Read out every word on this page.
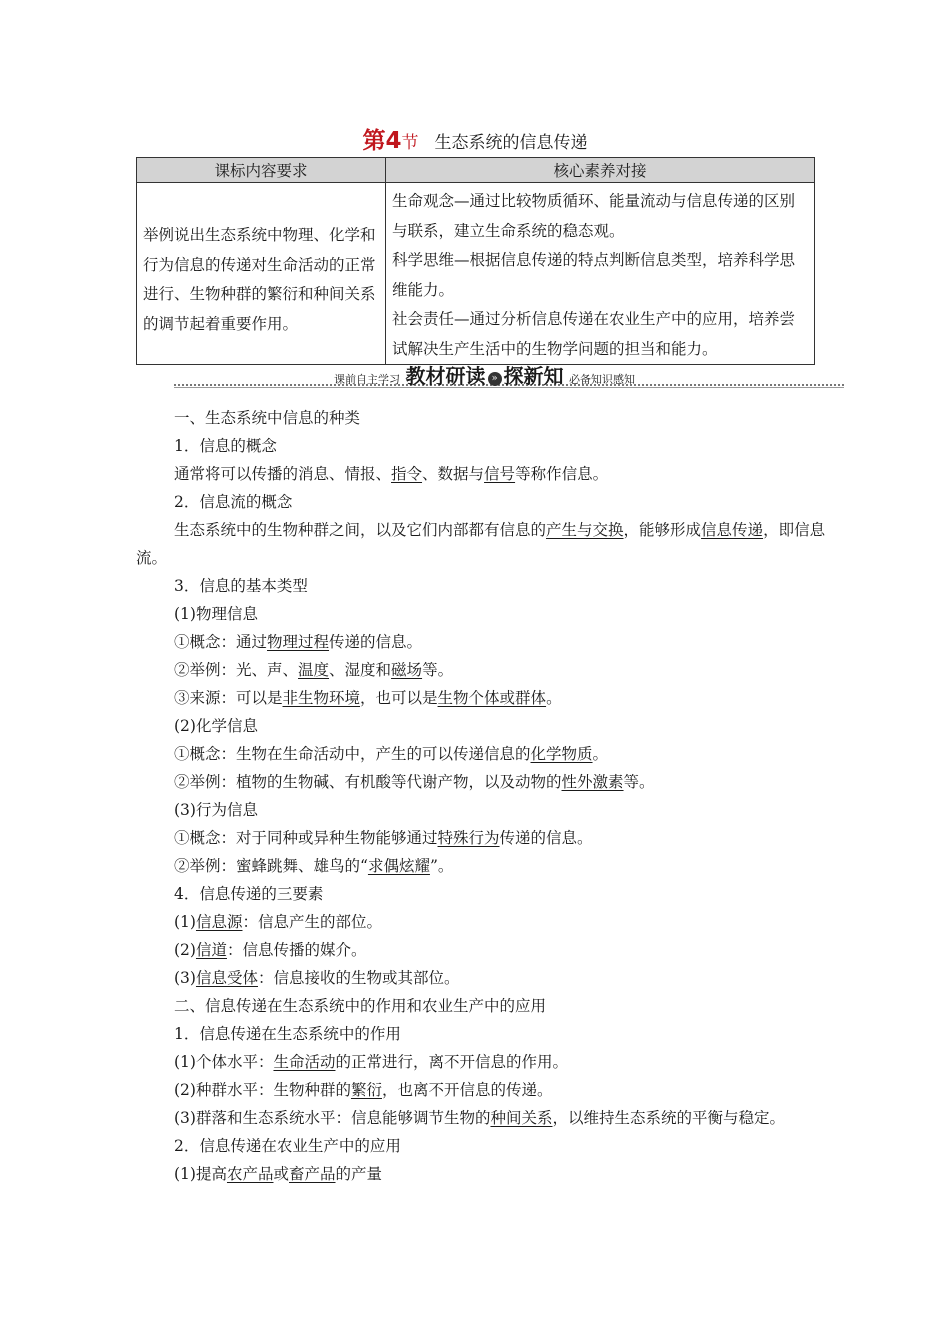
第4节 生态系统的信息传递
课标内容要求	核心素养对接
举例说出生态系统中物理、化学和行为信息的传递对生命活动的正常进行、生物种群的繁衍和种间关系的调节起着重要作用。	生命观念—通过比较物质循环、能量流动与信息传递的区别与联系，建立生命系统的稳态观。
科学思维—根据信息传递的特点判断信息类型，培养科学思维能力。
社会责任—通过分析信息传递在农业生产中的应用，培养尝试解决生产生活中的生物学问题的担当和能力。
课前自主学习 教材研读 » 探新知 必备知识感知

一、生态系统中信息的种类

1．信息的概念

通常将可以传播的消息、情报、指令、数据与信号等称作信息。

2．信息流的概念

生态系统中的生物种群之间，以及它们内部都有信息的产生与交换，能够形成信息传递，即信息流。

3．信息的基本类型

(1)物理信息

①概念：通过物理过程传递的信息。

②举例：光、声、温度、湿度和磁场等。

③来源：可以是非生物环境，也可以是生物个体或群体。

(2)化学信息

①概念：生物在生命活动中，产生的可以传递信息的化学物质。

②举例：植物的生物碱、有机酸等代谢产物，以及动物的性外激素等。

(3)行为信息

①概念：对于同种或异种生物能够通过特殊行为传递的信息。

②举例：蜜蜂跳舞、雄鸟的“求偶炫耀”。

4．信息传递的三要素

(1)信息源：信息产生的部位。

(2)信道：信息传播的媒介。

(3)信息受体：信息接收的生物或其部位。

二、信息传递在生态系统中的作用和农业生产中的应用

1．信息传递在生态系统中的作用

(1)个体水平：生命活动的正常进行，离不开信息的作用。

(2)种群水平：生物种群的繁衍，也离不开信息的传递。

(3)群落和生态系统水平：信息能够调节生物的种间关系，以维持生态系统的平衡与稳定。

2．信息传递在农业生产中的应用

(1)提高农产品或畜产品的产量
